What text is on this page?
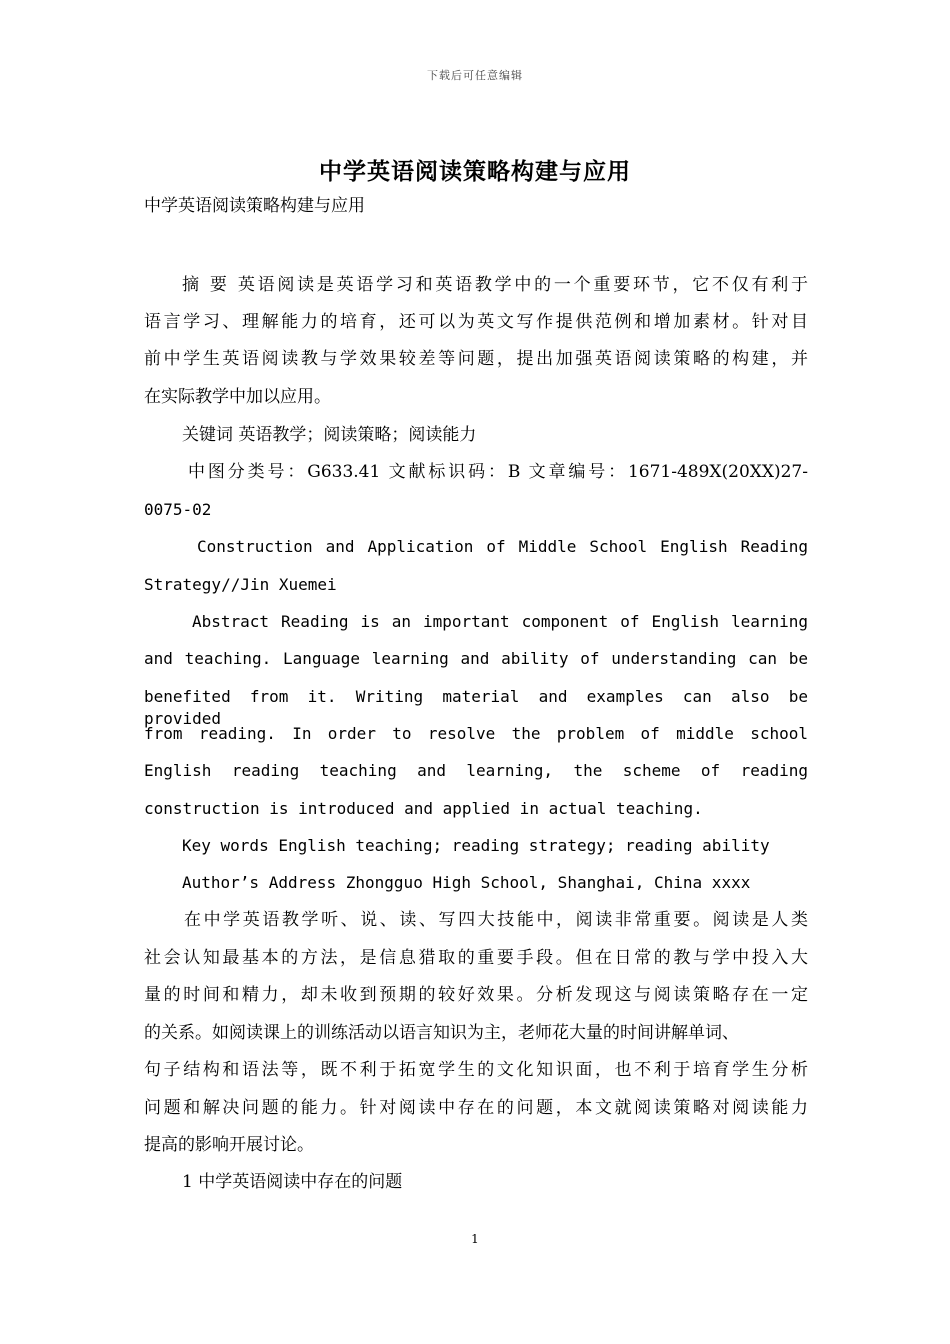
下载后可任意编辑
中学英语阅读策略构建与应用
中学英语阅读策略构建与应用
摘 要 英语阅读是英语学习和英语教学中的一个重要环节，它不仅有利于
语言学习、理解能力的培育，还可以为英文写作提供范例和增加素材。针对目
前中学生英语阅读教与学效果较差等问题，提出加强英语阅读策略的构建，并
在实际教学中加以应用。
关键词 英语教学；阅读策略；阅读能力
中图分类号：G633.41 文献标识码：B 文章编号：1671-489X(20XX)27-
0075-02
Construction and Application of Middle School English Reading
Strategy//Jin Xuemei
Abstract Reading is an important component of English learning
and teaching. Language learning and ability of understanding can be
benefited from it. Writing material and examples can also be provided
from reading. In order to resolve the problem of middle school
English reading teaching and learning, the scheme of reading
construction is introduced and applied in actual teaching.
Key words English teaching; reading strategy; reading ability
Author’s Address Zhongguo High School, Shanghai, China xxxx
在中学英语教学听、说、读、写四大技能中，阅读非常重要。阅读是人类
社会认知最基本的方法，是信息猎取的重要手段。但在日常的教与学中投入大
量的时间和精力，却未收到预期的较好效果。分析发现这与阅读策略存在一定
的关系。如阅读课上的训练活动以语言知识为主，老师花大量的时间讲解单词、
句子结构和语法等，既不利于拓宽学生的文化知识面，也不利于培育学生分析
问题和解决问题的能力。针对阅读中存在的问题，本文就阅读策略对阅读能力
提高的影响开展讨论。
1 中学英语阅读中存在的问题
1
